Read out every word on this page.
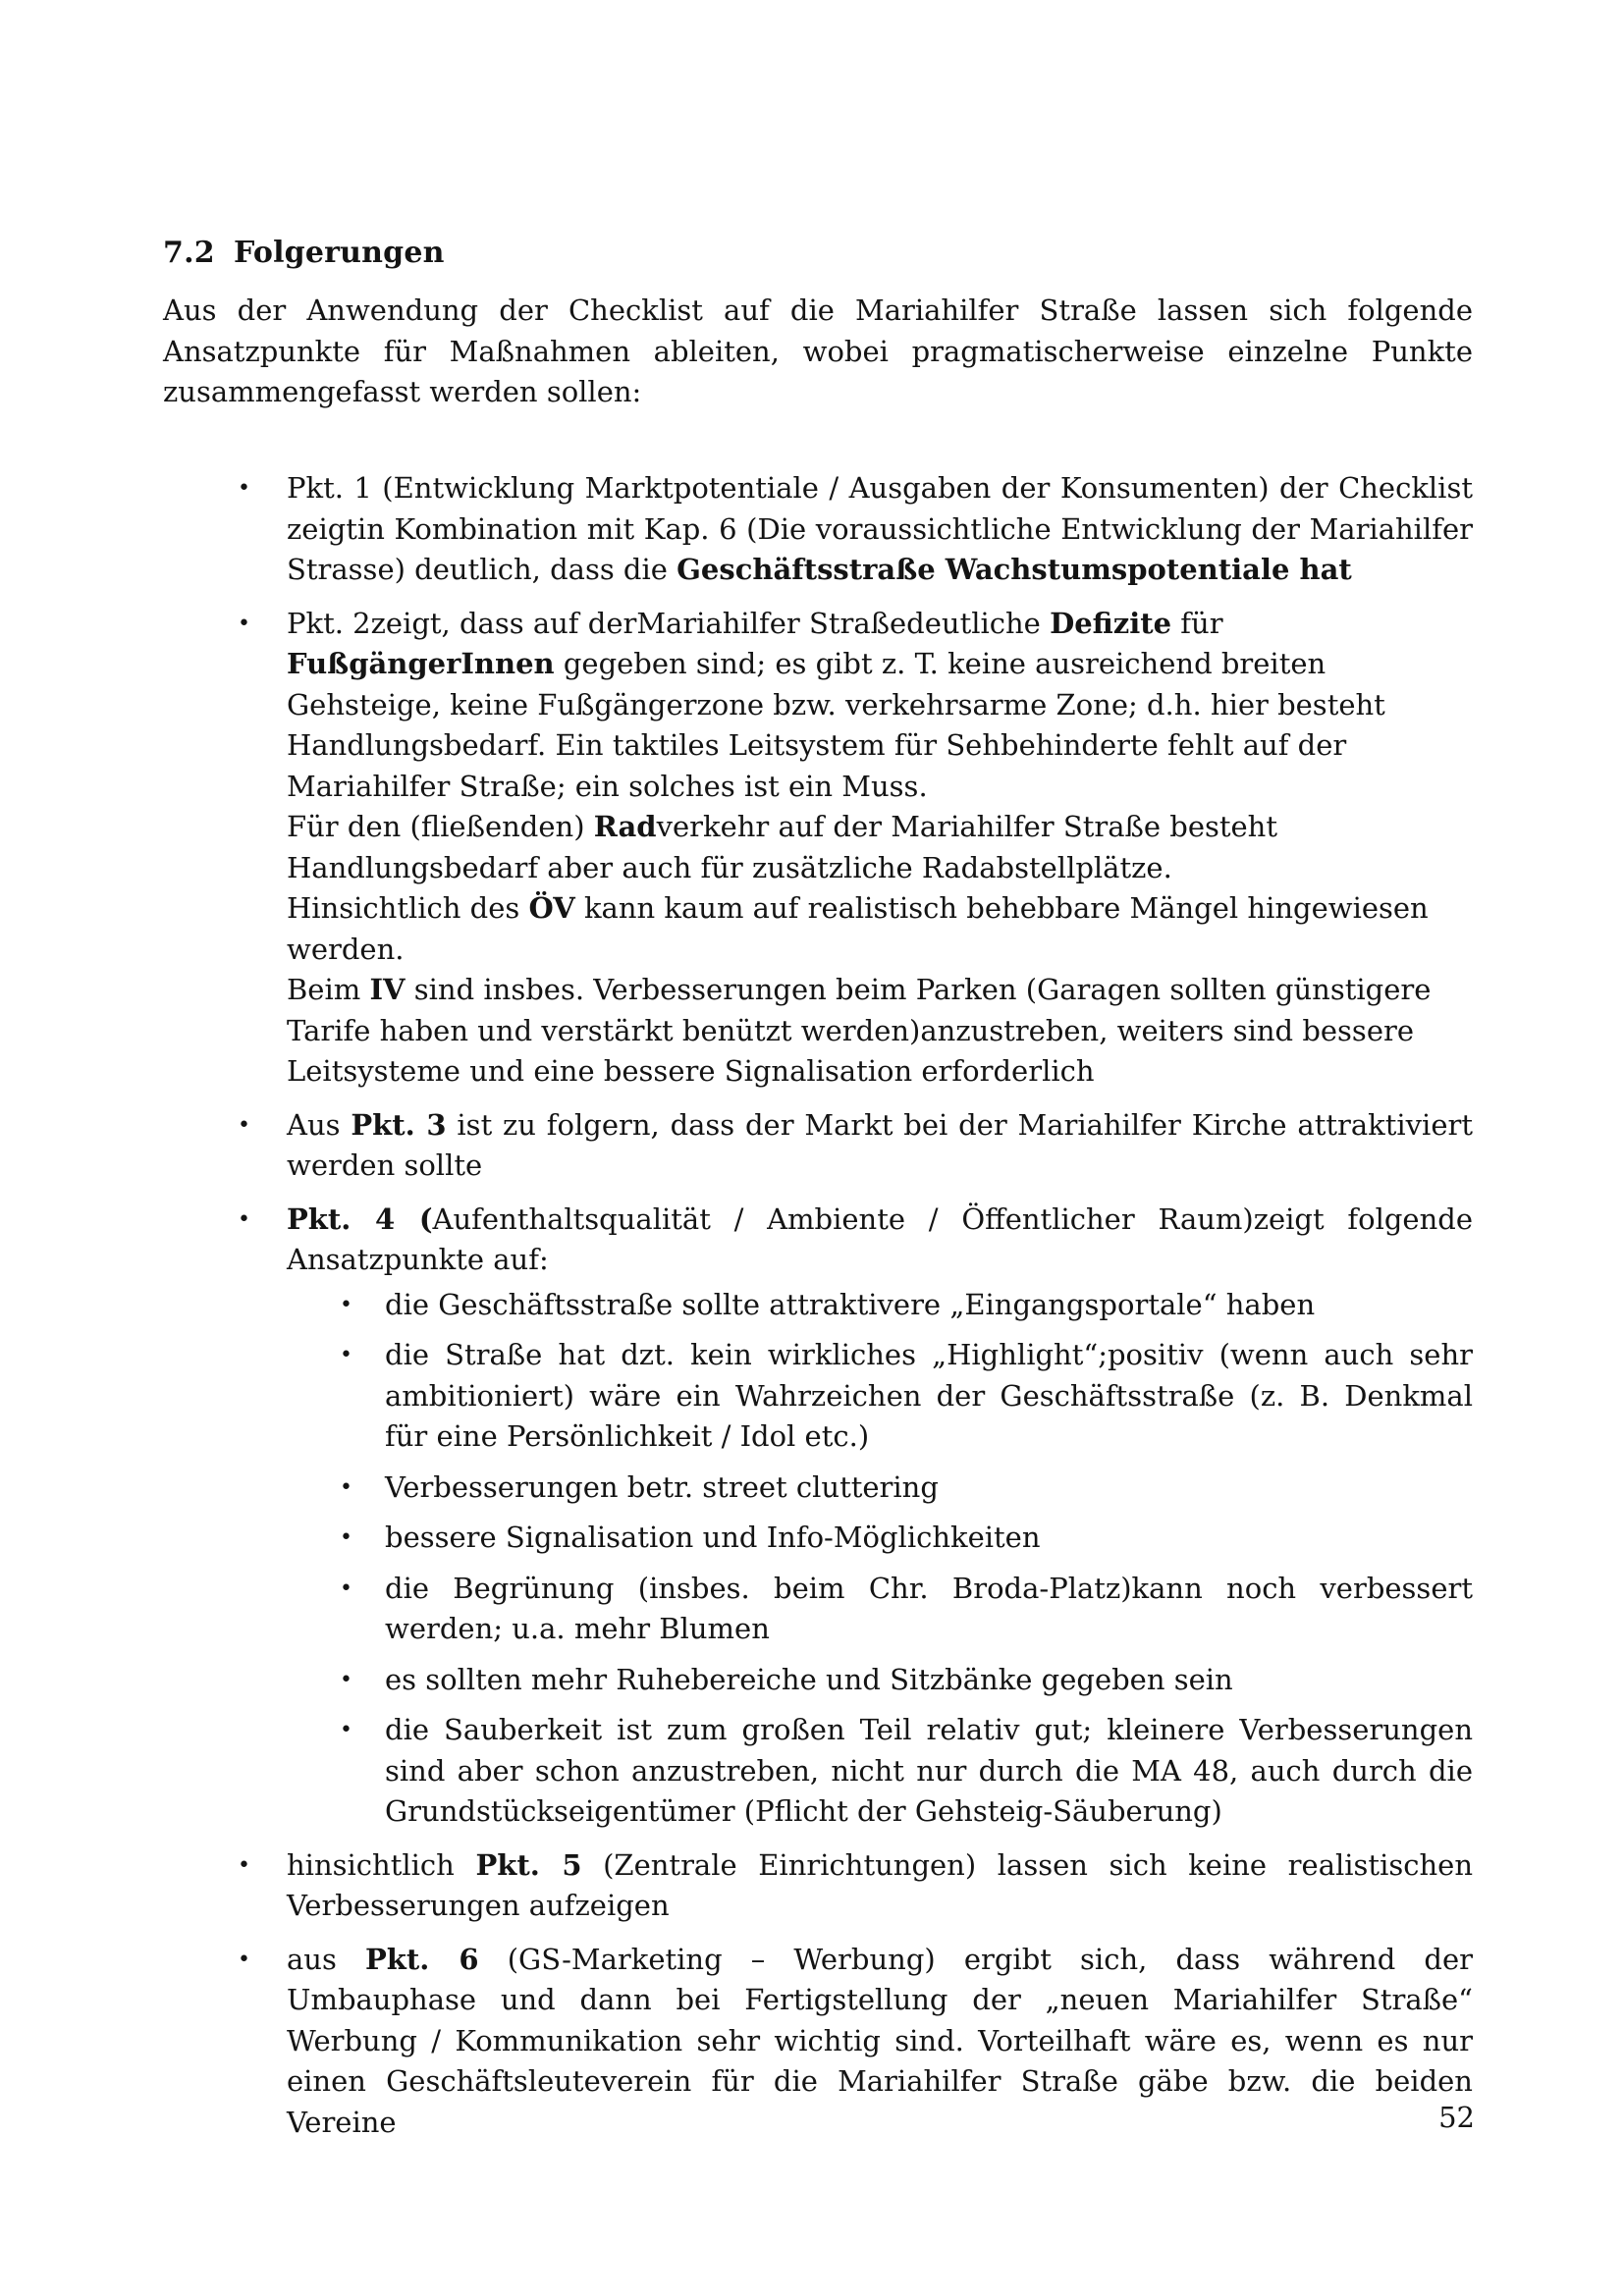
7.2 Folgerungen
Aus der Anwendung der Checklist auf die Mariahilfer Straße lassen sich folgende Ansatzpunkte für Maßnahmen ableiten, wobei pragmatischerweise einzelne Punkte zusammengefasst werden sollen:
• Pkt. 1 (Entwicklung Marktpotentiale / Ausgaben der Konsumenten) der Checklist zeigtin Kombination mit Kap. 6 (Die voraussichtliche Entwicklung der Mariahilfer Strasse) deutlich, dass die Geschäftsstraße Wachstumspotentiale hat
• Pkt. 2zeigt, dass auf derMariahilfer Straßedeutliche Defizite für FußgängerInnen gegeben sind; es gibt z. T. keine ausreichend breiten Gehsteige, keine Fußgängerzone bzw. verkehrsarme Zone; d.h. hier besteht Handlungsbedarf. Ein taktiles Leitsystem für Sehbehinderte fehlt auf der Mariahilfer Straße; ein solches ist ein Muss.
Für den (fließenden) Radverkehr auf der Mariahilfer Straße besteht Handlungsbedarf aber auch für zusätzliche Radabstellplätze.
Hinsichtlich des ÖV kann kaum auf realistisch behebbare Mängel hingewiesen werden.
Beim IV sind insbes. Verbesserungen beim Parken (Garagen sollten günstigere Tarife haben und verstärkt benützt werden)anzustreben, weiters sind bessere Leitsysteme und eine bessere Signalisation erforderlich
• Aus Pkt. 3 ist zu folgern, dass der Markt bei der Mariahilfer Kirche attraktiviert werden sollte
• Pkt. 4 (Aufenthaltsqualität / Ambiente / Öffentlicher Raum)zeigt folgende Ansatzpunkte auf:
• die Geschäftsstraße sollte attraktivere „Eingangsportale“ haben
• die Straße hat dzt. kein wirkliches „Highlight“;positiv (wenn auch sehr ambitioniert) wäre ein Wahrzeichen der Geschäftsstraße (z. B. Denkmal für eine Persönlichkeit / Idol etc.)
• Verbesserungen betr. street cluttering
• bessere Signalisation und Info-Möglichkeiten
• die Begrünung (insbes. beim Chr. Broda-Platz)kann noch verbessert werden; u.a. mehr Blumen
• es sollten mehr Ruhebereiche und Sitzbänke gegeben sein
• die Sauberkeit ist zum großen Teil relativ gut; kleinere Verbesserungen sind aber schon anzustreben, nicht nur durch die MA 48, auch durch die Grundstückseigentümer (Pflicht der Gehsteig-Säuberung)
• hinsichtlich Pkt. 5 (Zentrale Einrichtungen) lassen sich keine realistischen Verbesserungen aufzeigen
• aus Pkt. 6 (GS-Marketing – Werbung) ergibt sich, dass während der Umbauphase und dann bei Fertigstellung der „neuen Mariahilfer Straße“ Werbung / Kommunikation sehr wichtig sind. Vorteilhaft wäre es, wenn es nur einen Geschäftsleuteverein für die Mariahilfer Straße gäbe bzw. die beiden Vereine	52
